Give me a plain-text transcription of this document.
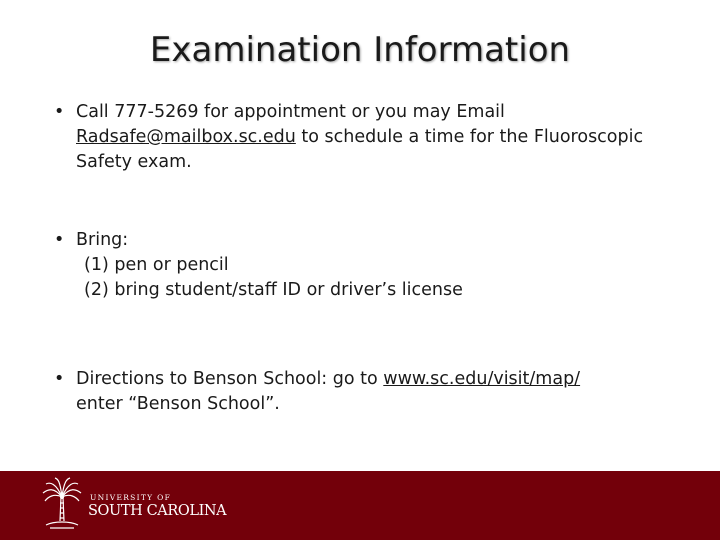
Examination Information
• Call 777-5269 for appointment or you may Email
Radsafe@mailbox.sc.edu to schedule a time for the Fluoroscopic Safety exam.

• Bring:
(1) pen or pencil
(2) bring student/staff ID or driver’s license

• Directions to Benson School: go to www.sc.edu/visit/map/
enter “Benson School”.

UNIVERSITY OF
SOUTH CAROLINA
